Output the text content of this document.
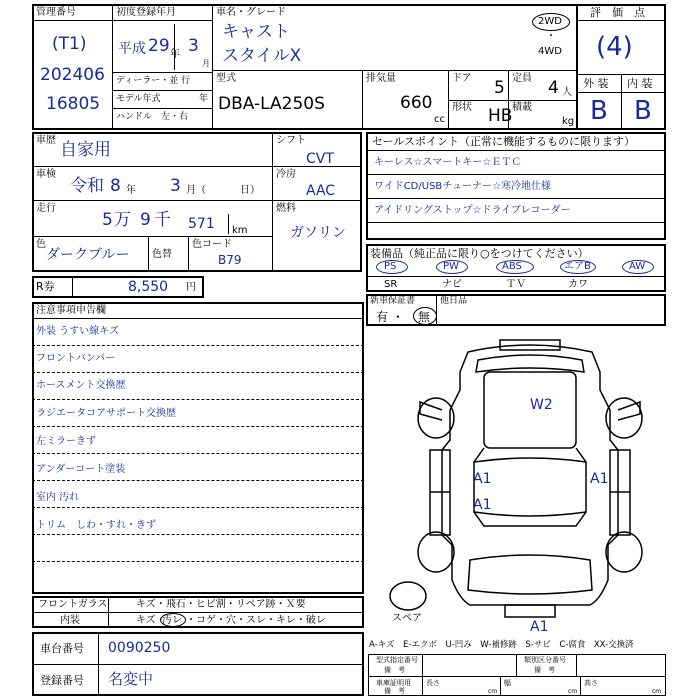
管理番号
(T1)
202406
16805
初度登録年月
平成 29 年 3
月
ディーラー・並 行
モデル年式	年
ハンドル　左・右
車名・グレード
キャスト
スタイルX
2WD
・
4WD
型式
DBA-LA250S
排気量
660
cc
ドア 5
形状 HB
定員 4 人
積載
kg
評　価　点
(4)
外 装 内 装
B B
車歴 自家用
車検
令和 8 年 3 月（	日）
走行
5 万 9 千 571 km
色
ダークブルー 色替
色コード
B79
シフト
CVT
冷房
AAC
燃料
ガソリン
R券	8,550 円
セールスポイント（正常に機能するものに限ります）
キーレス☆スマートキー☆ＥＴＣ
ワイドCD/USBチューナー☆寒冷地仕様
アイドリングストップ☆ドライブレコーダー
装備品（純正品に限り○をつけてください）
PS	PW	ABS	エアB	AW
SR	ナビ	ＴＶ	カワ
新車保証書
有 ・ 無
他日品
注意事項申告欄
外装 うすい線キズ
フロントバンパー
ホースメント交換歴
ラジエータコアサポート交換歴
左ミラーきず
アンダーコート塗装
室内 汚れ
トリム　しわ・すれ・きず
フロントガラス	キズ・飛石・ヒビ割・リペア跡・Ｘ要
内装	キズ・
汚レ ・コゲ・穴・スレ・キレ・破レ
車台番号 0090250
登録番号 名変中
W2
A1	A1
A1
A1
スペア
A-キズ　E-エクボ　U-凹み　W-補修跡　S-サビ　C-腐食　XX-交換済
型式指定番号
備　考
類別区分番号
備　考
車庫証明用
備　考
長さ
cm
幅
cm
高さ
cm
